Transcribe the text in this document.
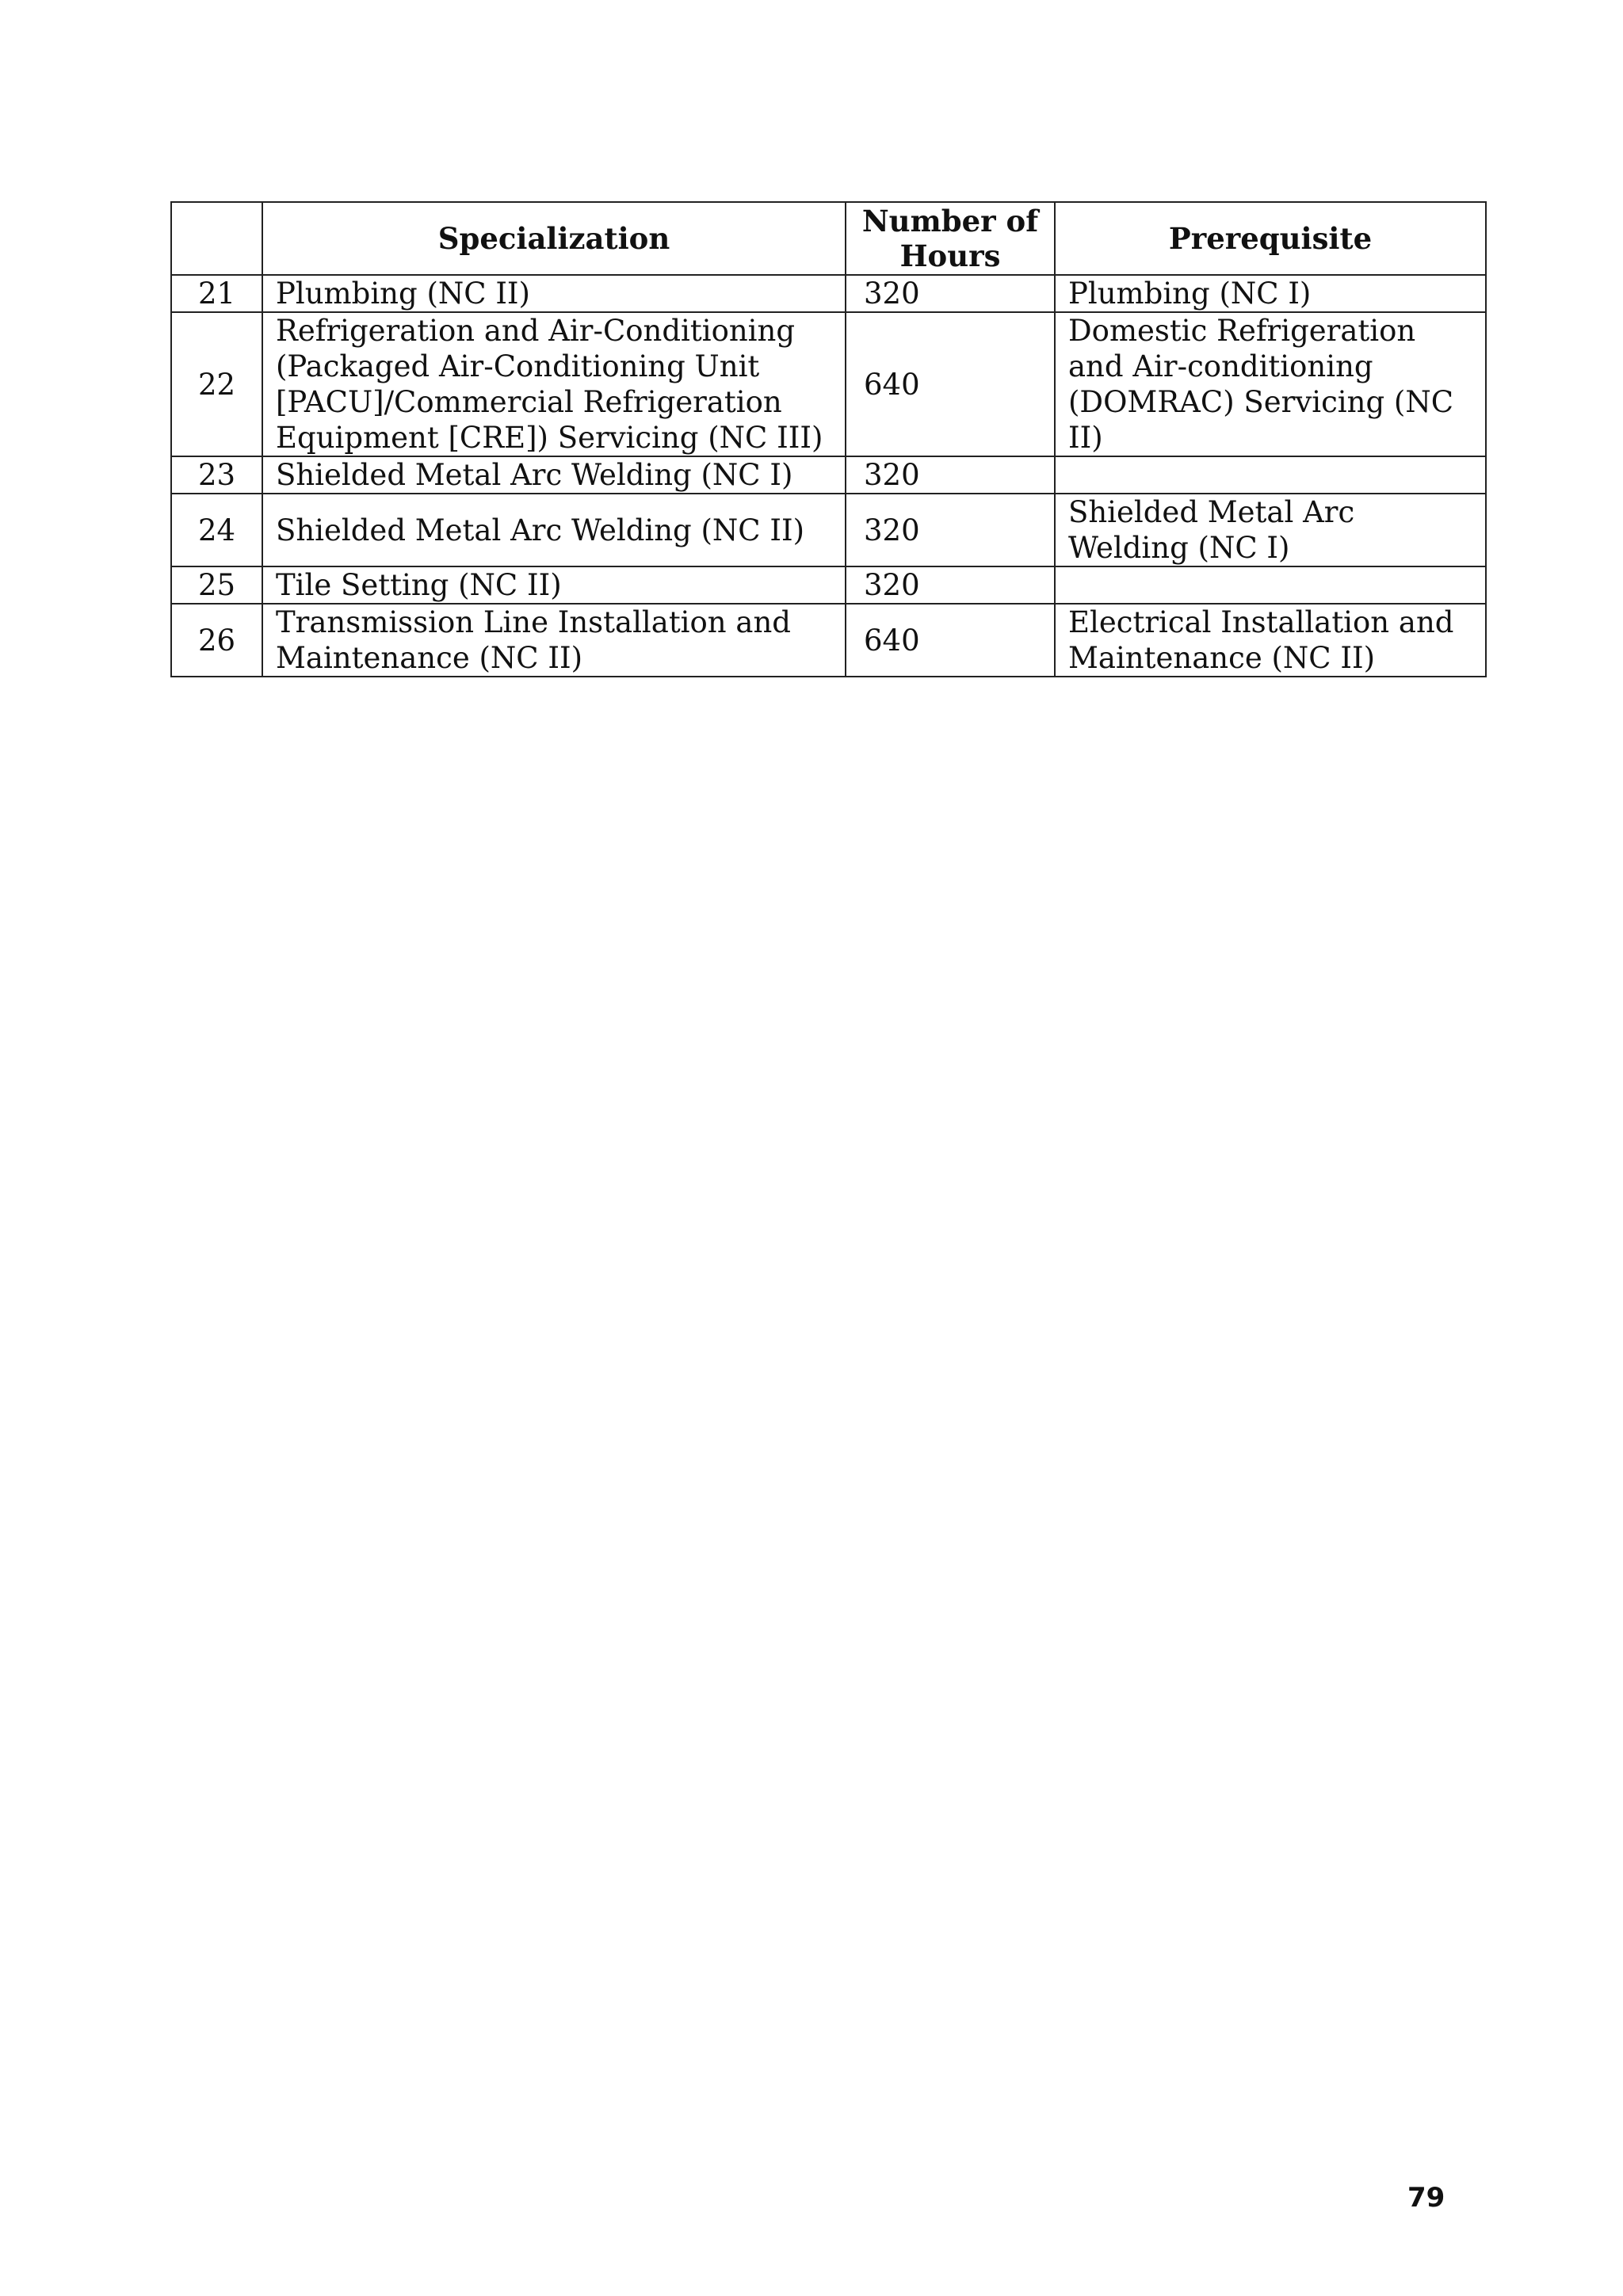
	Specialization	Number of Hours	Prerequisite
21	Plumbing (NC II)	320	Plumbing (NC I)
22	Refrigeration and Air-Conditioning (Packaged Air-Conditioning Unit [PACU]/Commercial Refrigeration Equipment [CRE]) Servicing (NC III)	640	Domestic Refrigeration and Air-conditioning (DOMRAC) Servicing (NC II)
23	Shielded Metal Arc Welding (NC I)	320	
24	Shielded Metal Arc Welding (NC II)	320	Shielded Metal Arc Welding (NC I)
25	Tile Setting (NC II)	320	
26	Transmission Line Installation and Maintenance (NC II)	640	Electrical Installation and Maintenance (NC II)
79
